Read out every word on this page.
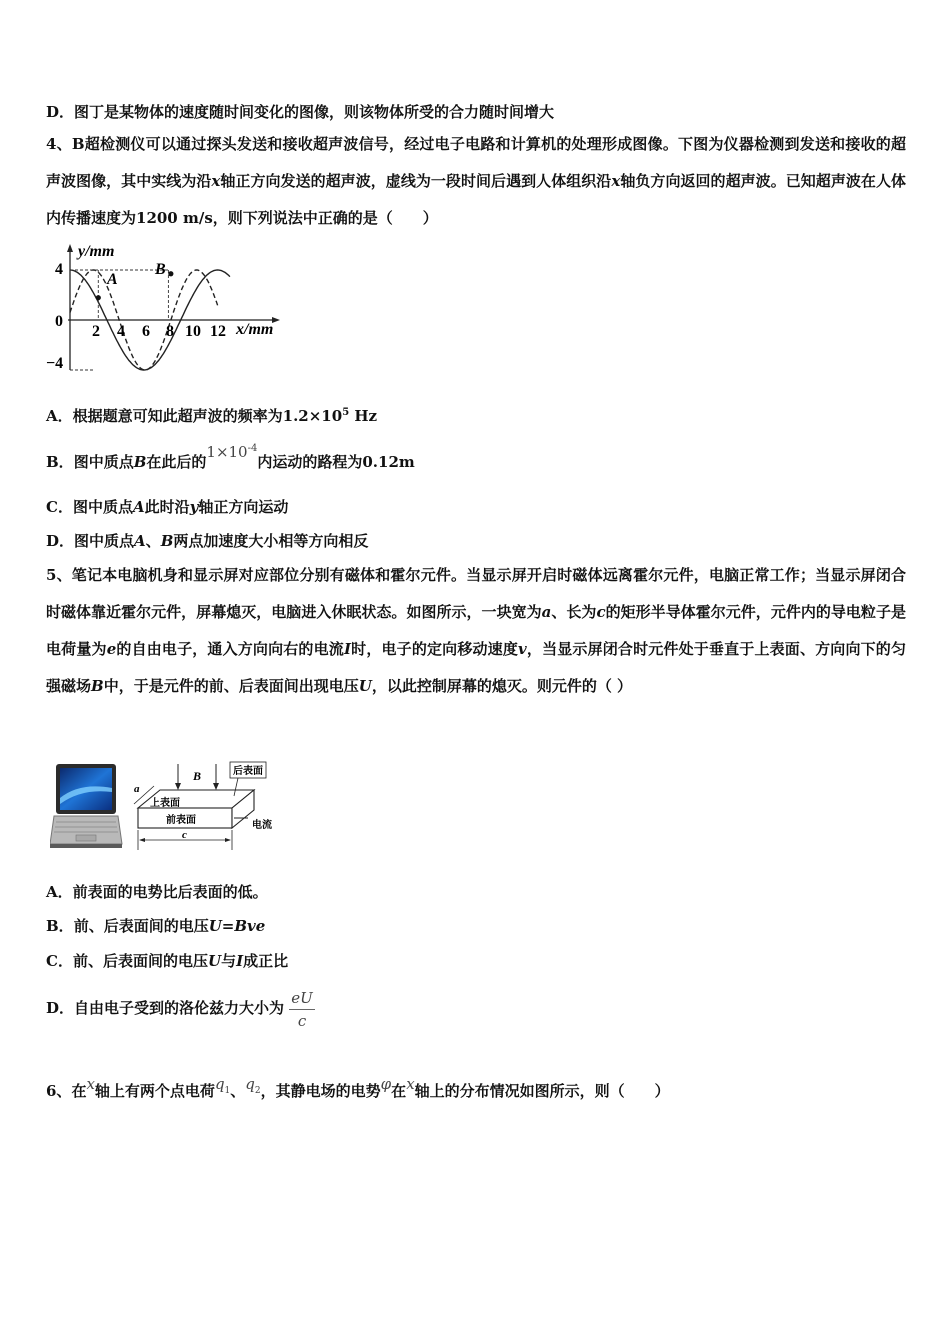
D．图丁是某物体的速度随时间变化的图像，则该物体所受的合力随时间增大
4、B超检测仪可以通过探头发送和接收超声波信号，经过电子电路和计算机的处理形成图像。下图为仪器检测到发送和接收的超声波图像，其中实线为沿x轴正方向发送的超声波，虚线为一段时间后遇到人体组织沿x轴负方向返回的超声波。已知超声波在人体内传播速度为1200 m/s，则下列说法中正确的是（　　）
y/mm
x/mm
4
0
−4
2 4 6 8 10 12
A
B
A．根据题意可知此超声波的频率为$1.2\times 10^5$ Hz
B．图中质点B在此后的$1\times 10^{-4}$内运动的路程为0.12m
C．图中质点A此时沿y轴正方向运动
D．图中质点A、B两点加速度大小相等方向相反
5、笔记本电脑机身和显示屏对应部位分别有磁体和霍尔元件。当显示屏开启时磁体远离霍尔元件，电脑正常工作；当显示屏闭合时磁体靠近霍尔元件，屏幕熄灭，电脑进入休眠状态。如图所示，一块宽为a、长为c的矩形半导体霍尔元件，元件内的导电粒子是电荷量为e的自由电子，通入方向向右的电流I时，电子的定向移动速度v，当显示屏闭合时元件处于垂直于上表面、方向向下的匀强磁场B中，于是元件的前、后表面间出现电压U，以此控制屏幕的熄灭。则元件的（ ）
B	后表面
上表面
前表面
a
电流
c
A．前表面的电势比后表面的低。
B．前、后表面间的电压U=Bve
C．前、后表面间的电压U与I成正比
D．自由电子受到的洛伦兹力大小为 $\frac{eU}{c}$
6、在x轴上有两个点电荷$q_1$、$q_2$，其静电场的电势φ在x轴上的分布情况如图所示，则（　　）
